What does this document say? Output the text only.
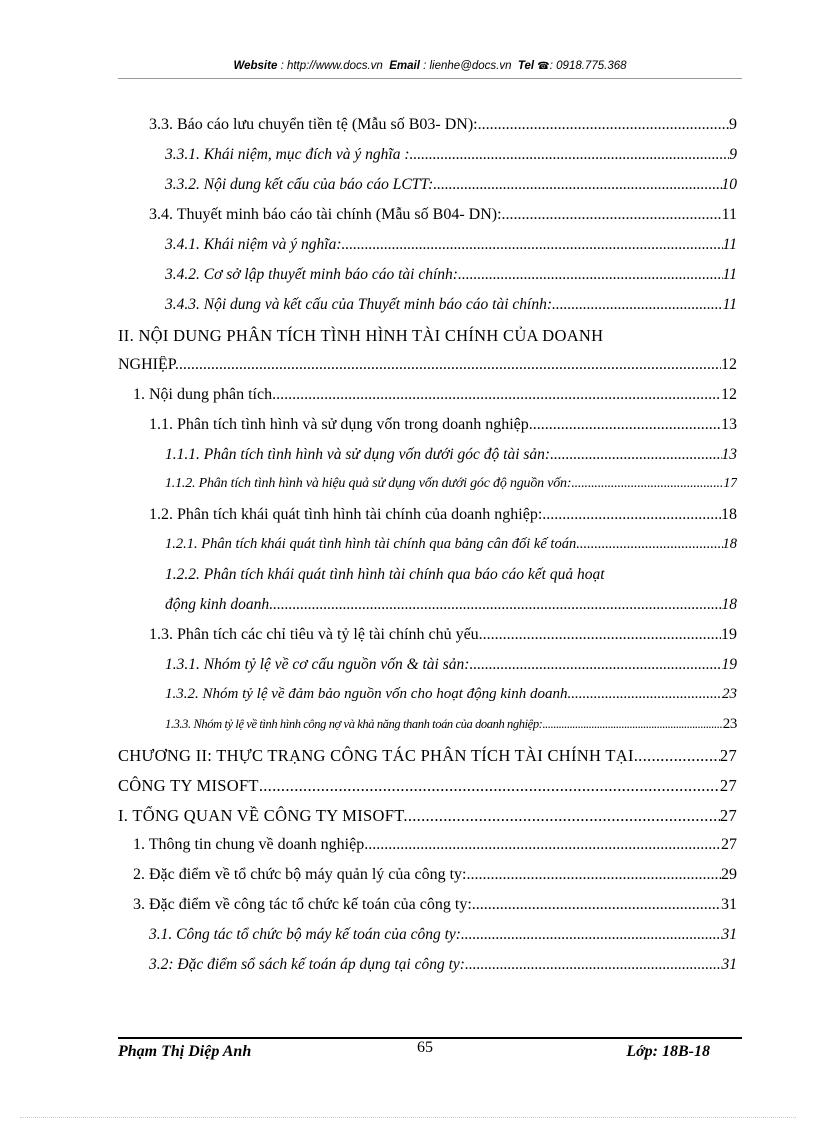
Website : http://www.docs.vn Email : lienhe@docs.vn Tel ☎: 0918.775.368
3.3. Báo cáo lưu chuyển tiền tệ (Mẫu số B03- DN): .....	9
3.3.1. Khái niệm, mục đích và ý nghĩa : .....	9
3.3.2. Nội dung kết cấu của báo cáo LCTT: .....	10
3.4. Thuyết minh báo cáo tài chính (Mẫu số B04- DN): .....	11
3.4.1. Khái niệm và ý nghĩa: .....	11
3.4.2. Cơ sở lập thuyết minh báo cáo tài chính: .....	11
3.4.3. Nội dung và kết cấu của Thuyết minh báo cáo tài chính: .....	11
II. NỘI DUNG PHÂN TÍCH TÌNH HÌNH TÀI CHÍNH CỦA DOANH
NGHIỆP. .....	12
1. Nội dung phân tích .....	12
1.1. Phân tích tình hình và sử dụng vốn trong doanh nghiệp. .....	13
1.1.1. Phân tích tình hình và sử dụng vốn dưới góc độ tài sản: .....	13
1.1.2. Phân tích tình hình và hiệu quả sử dụng vốn dưới góc độ nguồn vốn: .....	17
1.2. Phân tích khái quát tình hình tài chính của doanh nghiệp: .....	18
1.2.1. Phân tích khái quát tình hình tài chính qua bảng cân đối kế toán .....	18
1.2.2. Phân tích khái quát tình hình tài chính qua báo cáo kết quả hoạt
động kinh doanh .....	18
1.3. Phân tích các chỉ tiêu và tỷ lệ tài chính chủ yếu. .....	19
1.3.1. Nhóm tỷ lệ về cơ cấu nguồn vốn & tài sản: .....	19
1.3.2. Nhóm tỷ lệ về đảm bảo nguồn vốn cho hoạt động kinh doanh .....	23
1.3.3. Nhóm tỷ lệ về tình hình công nợ và khả năng thanh toán của doanh nghiệp: .....	23
CHƯƠNG II: THỰC TRẠNG CÔNG TÁC PHÂN TÍCH TÀI CHÍNH TẠI .....	27
CÔNG TY MISOFT .....	27
I. TỔNG QUAN VỀ CÔNG TY MISOFT. .....	27
1. Thông tin chung về doanh nghiệp. .....	27
2. Đặc điểm về tổ chức bộ máy quản lý của công ty: .....	29
3. Đặc điểm về công tác tổ chức kế toán của công ty: .....	31
3.1. Công tác tổ chức bộ máy kế toán của công ty: .....	31
3.2: Đặc điểm sổ sách kế toán áp dụng tại công ty: .....	31
Phạm Thị Diệp Anh	65	Lớp: 18B-18
